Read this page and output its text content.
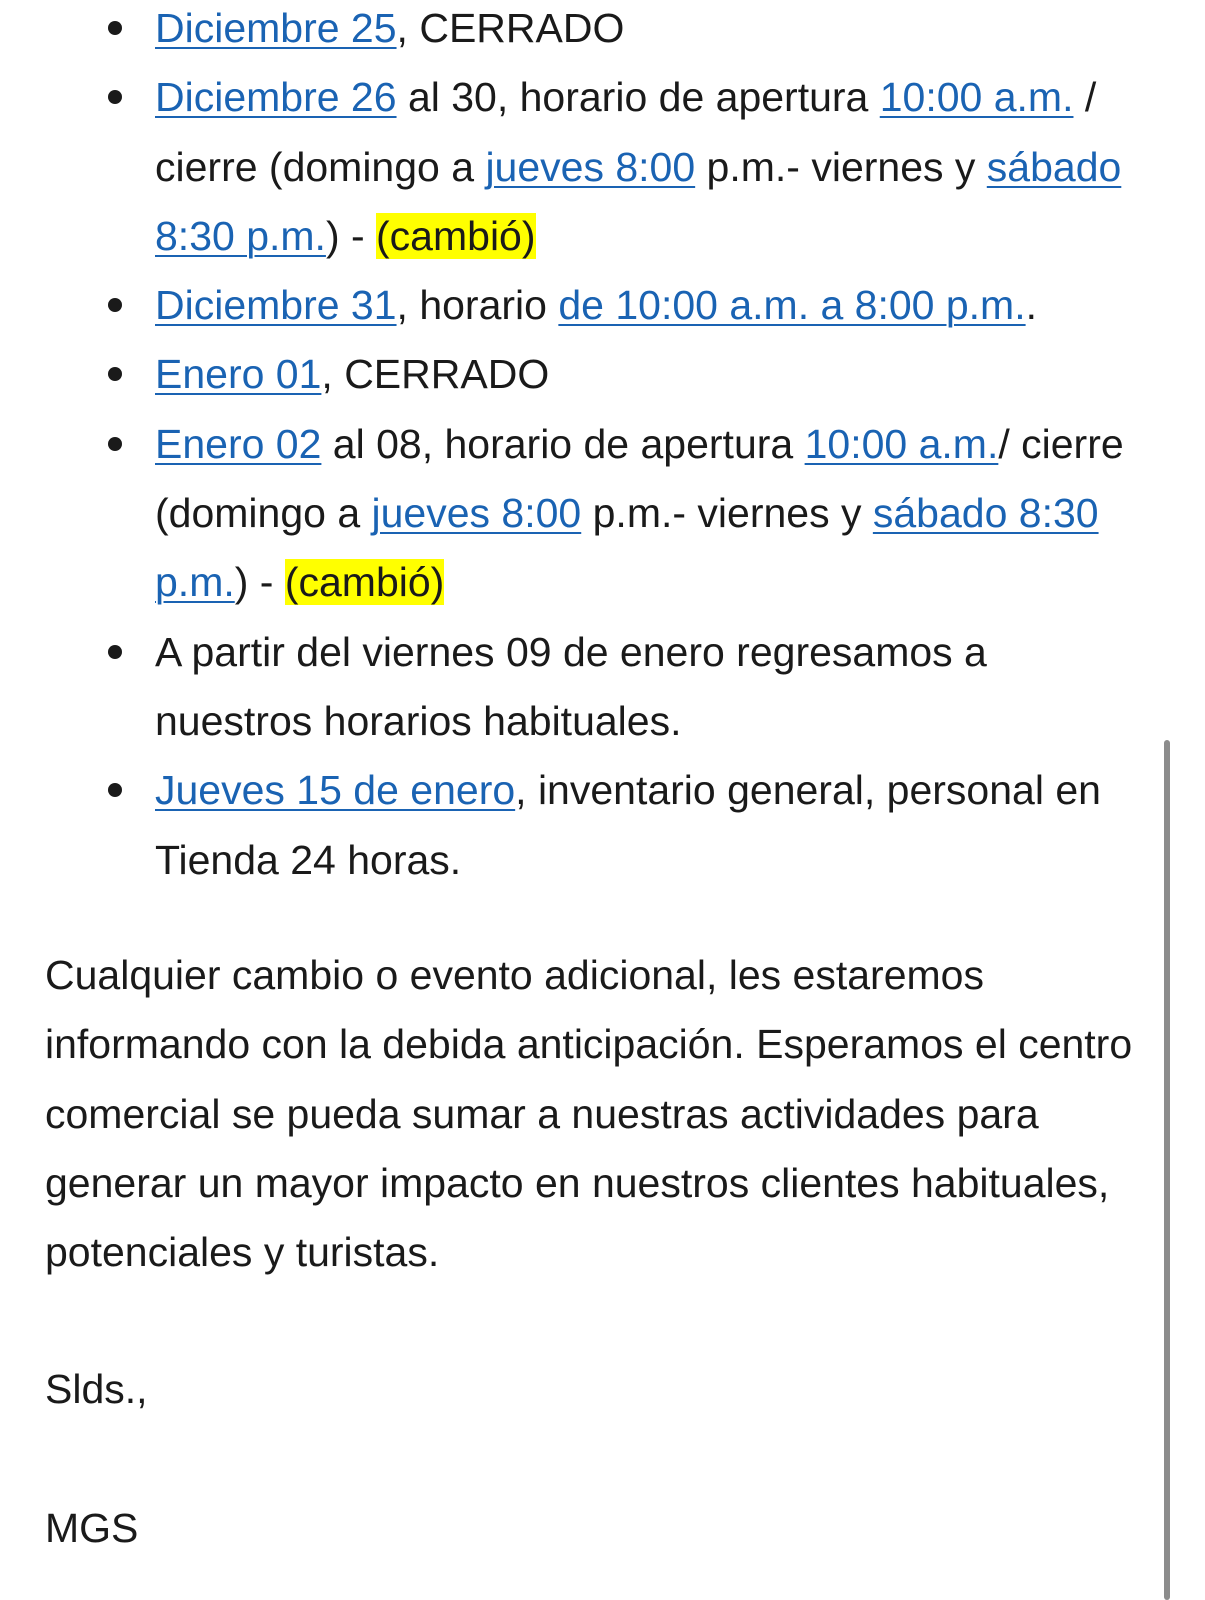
Diciembre 25, CERRADO
Diciembre 26 al 30, horario de apertura 10:00 a.m. / cierre (domingo a jueves 8:00 p.m.- viernes y sábado 8:30 p.m.) - (cambió)
Diciembre 31, horario de 10:00 a.m. a 8:00 p.m..
Enero 01, CERRADO
Enero 02 al 08, horario de apertura 10:00 a.m./ cierre (domingo a jueves 8:00 p.m.- viernes y sábado 8:30 p.m.) - (cambió)
A partir del viernes 09 de enero regresamos a nuestros horarios habituales.
Jueves 15 de enero, inventario general, personal en Tienda 24 horas.

Cualquier cambio o evento adicional, les estaremos informando con la debida anticipación. Esperamos el centro comercial se pueda sumar a nuestras actividades para generar un mayor impacto en nuestros clientes habituales, potenciales y turistas.

Slds.,

MGS
